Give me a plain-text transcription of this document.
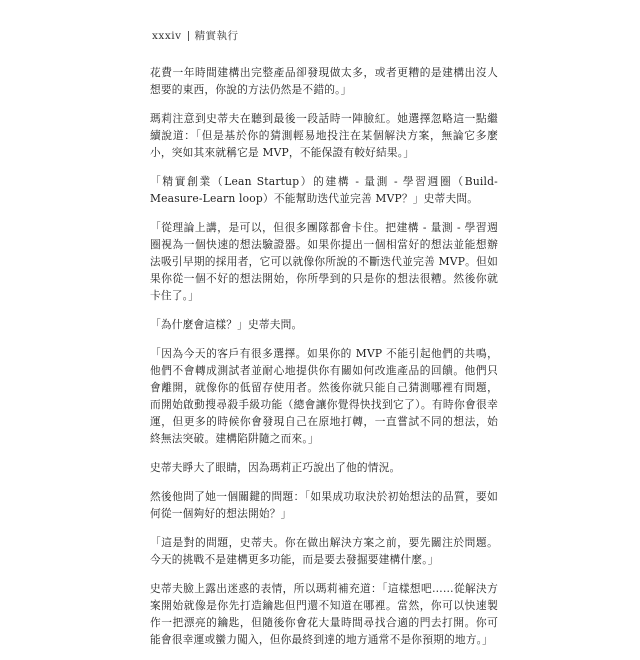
xxxiv 精實執行

花費一年時間建構出完整產品卻發現做太多，或者更糟的是建構出沒人想要的東西，你說的方法仍然是不錯的。」

瑪莉注意到史蒂夫在聽到最後一段話時一陣臉紅。她選擇忽略這一點繼續說道：「但是基於你的猜測輕易地投注在某個解決方案，無論它多麼小，突如其來就稱它是 MVP，不能保證有較好結果。」

「精實創業（Lean Startup）的建構 - 量測 - 學習週圈（Build-Measure-Learn loop）不能幫助迭代並完善 MVP？」史蒂夫問。

「從理論上講，是可以，但很多團隊都會卡住。把建構 - 量測 - 學習週圈視為一個快速的想法驗證器。如果你提出一個相當好的想法並能想辦法吸引早期的採用者，它可以就像你所說的不斷迭代並完善 MVP。但如果你從一個不好的想法開始，你所學到的只是你的想法很糟。然後你就卡住了。」

「為什麼會這樣？」史蒂夫問。

「因為今天的客戶有很多選擇。如果你的 MVP 不能引起他們的共鳴，他們不會轉成測試者並耐心地提供你有關如何改進產品的回饋。他們只會離開，就像你的低留存使用者。然後你就只能自己猜測哪裡有問題，而開始啟動搜尋殺手級功能（總會讓你覺得快找到它了）。有時你會很幸運，但更多的時候你會發現自己在原地打轉，一直嘗試不同的想法，始終無法突破。建構陷阱隨之而來。」

史蒂夫睜大了眼睛，因為瑪莉正巧說出了他的情況。

然後他問了她一個關鍵的問題：「如果成功取決於初始想法的品質，要如何從一個夠好的想法開始？」

「這是對的問題，史蒂夫。你在做出解決方案之前，要先關注於問題。今天的挑戰不是建構更多功能，而是要去發掘要建構什麼。」

史蒂夫臉上露出迷惑的表情，所以瑪莉補充道：「這樣想吧……從解決方案開始就像是你先打造鑰匙但門還不知道在哪裡。當然，你可以快速製作一把漂亮的鑰匙，但隨後你會花大量時間尋找合適的門去打開。你可能會很幸運或蠻力闖入，但你最終到達的地方通常不是你預期的地方。」
